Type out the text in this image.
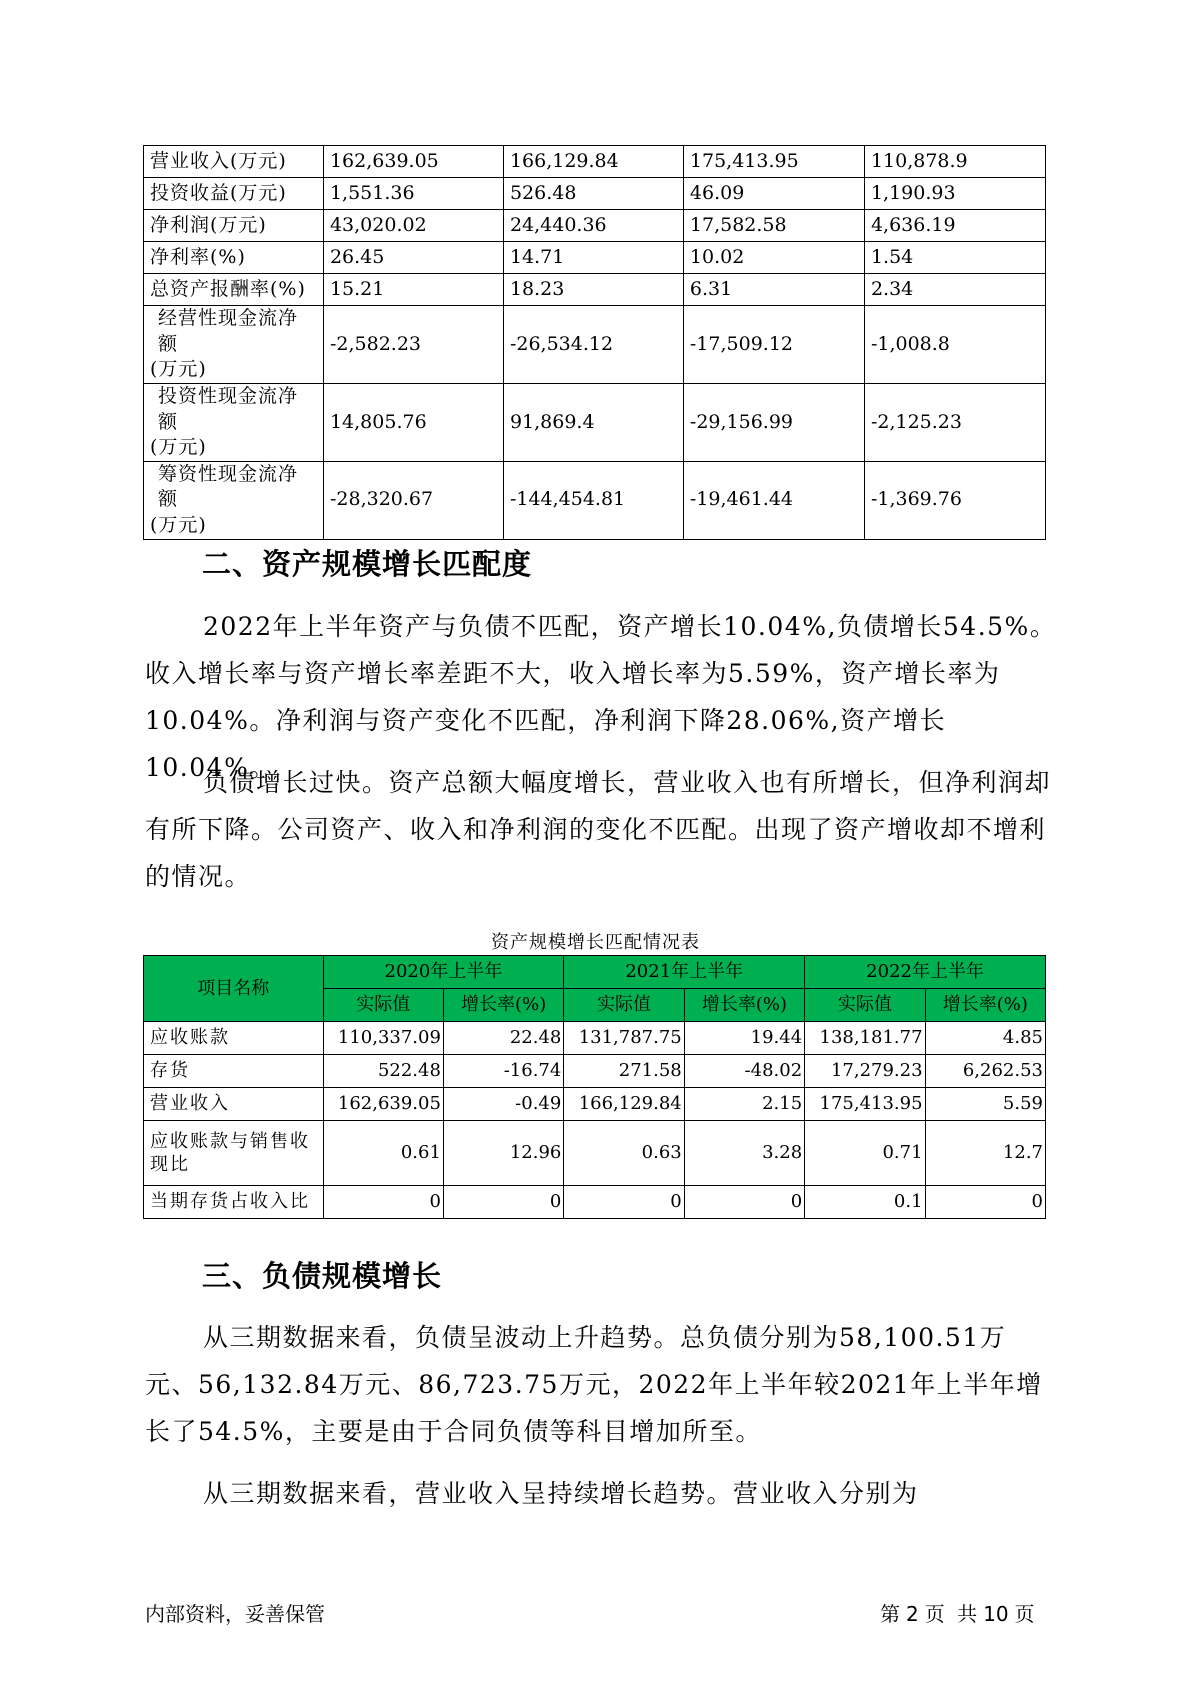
营业收入(万元)	162,639.05	166,129.84	175,413.95	110,878.9
投资收益(万元)	1,551.36	526.48	46.09	1,190.93
净利润(万元)	43,020.02	24,440.36	17,582.58	4,636.19
净利率(%)	26.45	14.71	10.02	1.54
总资产报酬率(%)	15.21	18.23	6.31	2.34

经营性现金流净额
(万元)	-2,582.23	-26,534.12	-17,509.12	-1,008.8

投资性现金流净额
(万元)	14,805.76	91,869.4	-29,156.99	-2,125.23

筹资性现金流净额
(万元)	-28,320.67	-144,454.81	-19,461.44	-1,369.76
二、资产规模增长匹配度

2022年上半年资产与负债不匹配，资产增长10.04%,负债增长54.5%。收入增长率与资产增长率差距不大，收入增长率为5.59%，资产增长率为10.04%。净利润与资产变化不匹配，净利润下降28.06%,资产增长10.04%。

负债增长过快。资产总额大幅度增长，营业收入也有所增长，但净利润却有所下降。公司资产、收入和净利润的变化不匹配。出现了资产增收却不增利的情况。

资产规模增长匹配情况表
项目名称	2020年上半年		2021年上半年		2022年上半年	
	实际值	增长率(%)	实际值	增长率(%)	实际值	增长率(%)
应收账款	110,337.09	22.48	131,787.75	19.44	138,181.77	4.85
存货	522.48	-16.74	271.58	-48.02	17,279.23	6,262.53
营业收入	162,639.05	-0.49	166,129.84	2.15	175,413.95	5.59

应收账款与销售收
现比	0.61	12.96	0.63	3.28	0.71	12.7
当期存货占收入比	0	0	0	0	0.1	0
三、负债规模增长

从三期数据来看，负债呈波动上升趋势。总负债分别为58,100.51万元、56,132.84万元、86,723.75万元，2022年上半年较2021年上半年增长了54.5%，主要是由于合同负债等科目增加所至。

从三期数据来看，营业收入呈持续增长趋势。营业收入分别为

内部资料，妥善保管	第 2 页 共 10 页
